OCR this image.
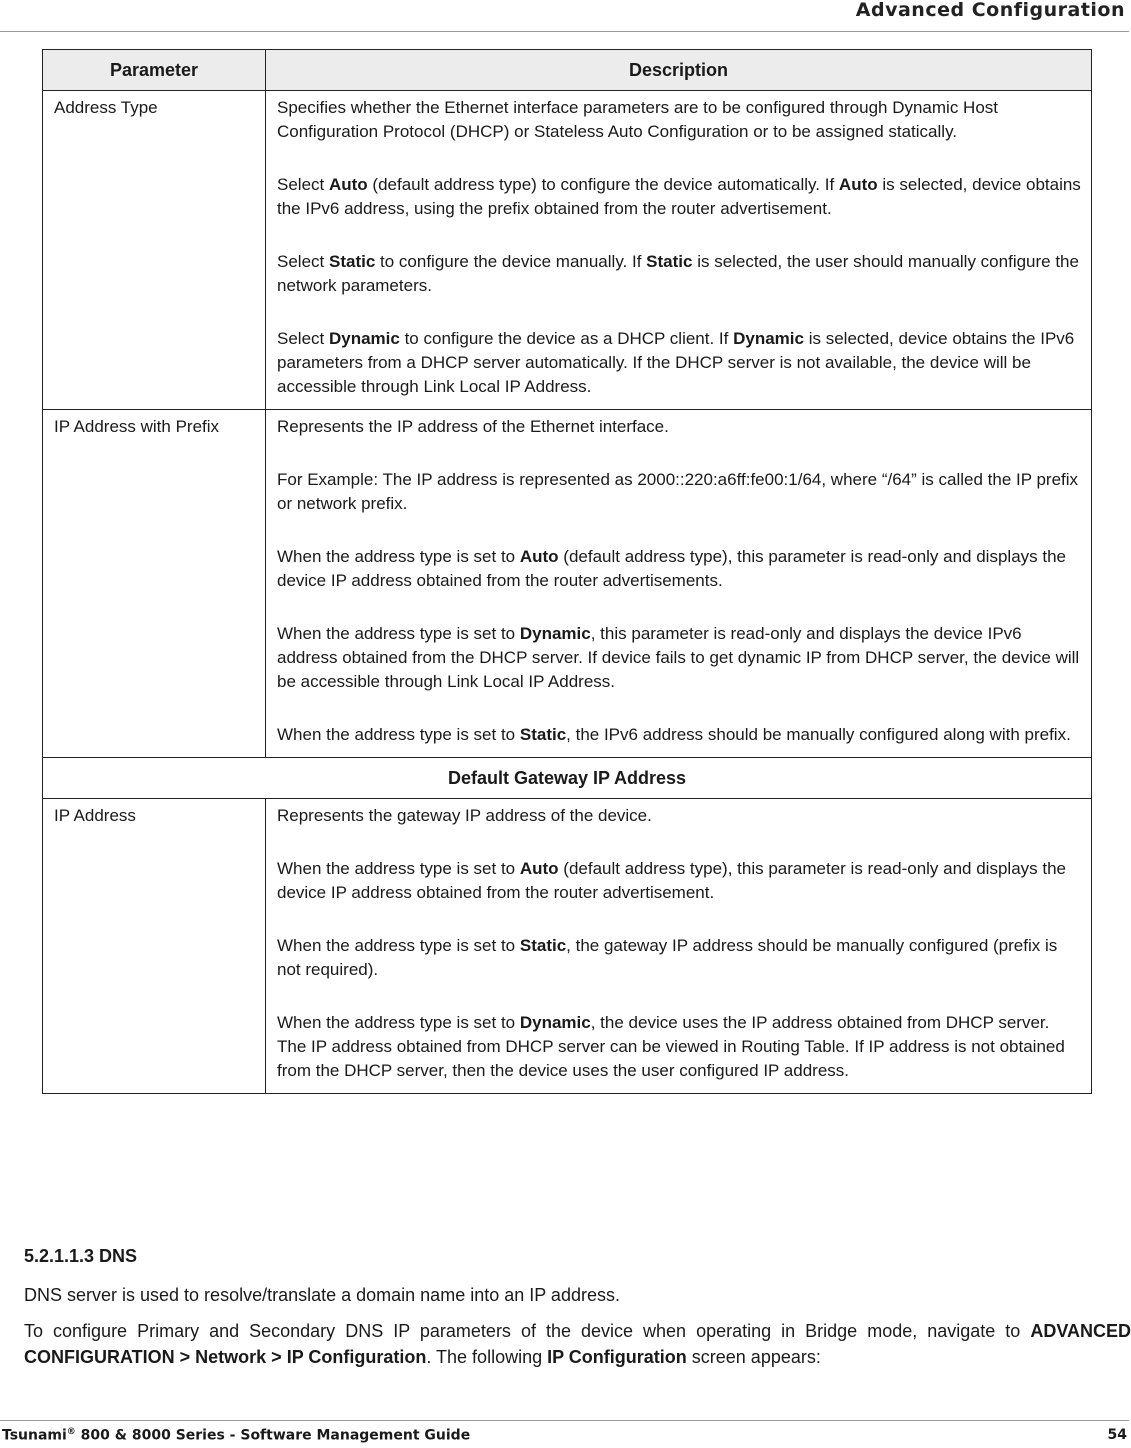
Advanced Configuration
Parameter	Description
Address Type	Specifies whether the Ethernet interface parameters are to be configured through Dynamic Host Configuration Protocol (DHCP) or Stateless Auto Configuration or to be assigned statically.

Select Auto (default address type) to configure the device automatically. If Auto is selected, device obtains the IPv6 address, using the prefix obtained from the router advertisement.

Select Static to configure the device manually. If Static is selected, the user should manually configure the network parameters.

Select Dynamic to configure the device as a DHCP client. If Dynamic is selected, device obtains the IPv6 parameters from a DHCP server automatically. If the DHCP server is not available, the device will be accessible through Link Local IP Address.

IP Address with Prefix	Represents the IP address of the Ethernet interface.

For Example: The IP address is represented as 2000::220:a6ff:fe00:1/64, where “/64” is called the IP prefix or network prefix.

When the address type is set to Auto (default address type), this parameter is read-only and displays the device IP address obtained from the router advertisements.

When the address type is set to Dynamic, this parameter is read-only and displays the device IPv6 address obtained from the DHCP server. If device fails to get dynamic IP from DHCP server, the device will be accessible through Link Local IP Address.

When the address type is set to Static, the IPv6 address should be manually configured along with prefix.

Default Gateway IP Address	
IP Address	Represents the gateway IP address of the device.

When the address type is set to Auto (default address type), this parameter is read-only and displays the device IP address obtained from the router advertisement.

When the address type is set to Static, the gateway IP address should be manually configured (prefix is not required).

When the address type is set to Dynamic, the device uses the IP address obtained from DHCP server. The IP address obtained from DHCP server can be viewed in Routing Table. If IP address is not obtained from the DHCP server, then the device uses the user configured IP address.

5.2.1.1.3 DNS

DNS server is used to resolve/translate a domain name into an IP address.

To configure Primary and Secondary DNS IP parameters of the device when operating in Bridge mode, navigate to ADVANCED CONFIGURATION > Network > IP Configuration. The following IP Configuration screen appears:

Tsunami® 800 & 8000 Series - Software Management Guide	54
